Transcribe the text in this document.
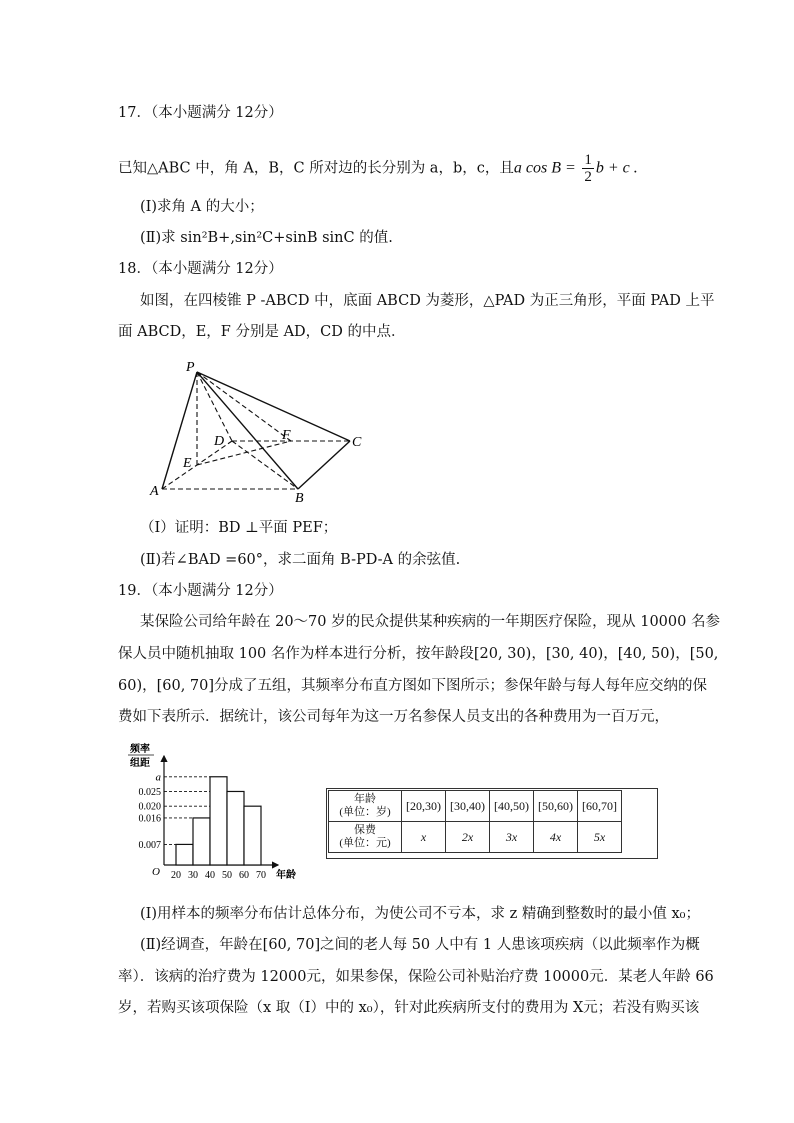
17．（本小题满分 12分）
已知△ABC 中，角 A，B，C 所对边的长分别为 a，b，c，且a $\cos B = \frac{1}{2}$ b + c .
(Ⅰ)求角 A 的大小；
(Ⅱ)求 sin²B+,sin²C+sinB sinC 的值.
18．（本小题满分 12分）
如图，在四棱锥 P -ABCD 中，底面 ABCD 为菱形，△PAD 为正三角形，平面 PAD 上平
面 ABCD，E，F 分别是 AD，CD 的中点．
P
A	B
C
D
E
F
（I）证明：BD ⊥平面 PEF；
(Ⅱ)若∠BAD =60°，求二面角 B-PD-A 的余弦值.
19．（本小题满分 12分）
某保险公司给年龄在 20～70 岁的民众提供某种疾病的一年期医疗保险，现从 10000 名参
保人员中随机抽取 100 名作为样本进行分析，按年龄段[20, 30)，[30, 40)，[40, 50)，[50,
60)，[60, 70]分成了五组，其频率分布直方图如下图所示；参保年龄与每人每年应交纳的保
费如下表所示．据统计，该公司每年为这一万名参保人员支出的各种费用为一百万元，
频率
组距
O	年龄
a
0.025
0.020
0.016
0.007
20 30 40 50 60 70
年龄
(单位：岁)	[20,30)	[30,40)	[40,50)	[50,60)	[60,70]
保费
(单位：元)	x	2x	3x	4x	5x
(Ⅰ)用样本的频率分布估计总体分布，为使公司不亏本，求 z 精确到整数时的最小值 x₀；
(Ⅱ)经调查，年龄在[60, 70]之间的老人每 50 人中有 1 人患该项疾病（以此频率作为概
率）．该病的治疗费为 12000元，如果参保，保险公司补贴治疗费 10000元．某老人年龄 66
岁，若购买该项保险（x 取（I）中的 x₀），针对此疾病所支付的费用为 X元；若没有购买该
